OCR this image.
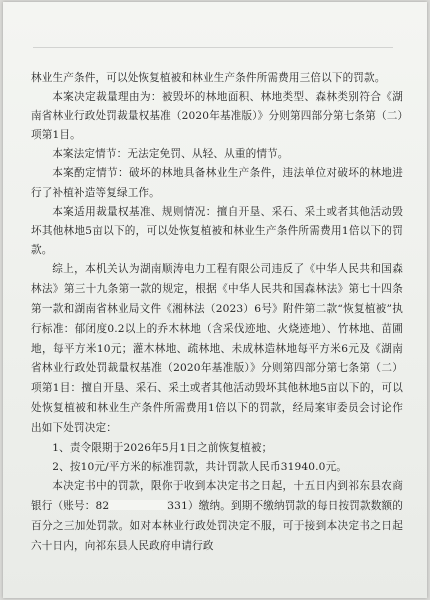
林业生产条件，可以处恢复植被和林业生产条件所需费用三倍以下的罚款。

本案决定裁量理由为：被毁坏的林地面积、林地类型、森林类别符合《湖南省林业行政处罚裁量权基准（2020年基准版）》分则第四部分第七条第（二）项第1目。

本案法定情节：无法定免罚、从轻、从重的情节。

本案酌定情节：破坏的林地具备林业生产条件，违法单位对破坏的林地进行了补植补造等复绿工作。

本案适用裁量权基准、规则情况：擅自开垦、采石、采土或者其他活动毁坏其他林地5亩以下的，可以处恢复植被和林业生产条件所需费用1倍以下的罚款。

综上，本机关认为湖南顺涛电力工程有限公司违反了《中华人民共和国森林法》第三十九条第一款的规定，根据《中华人民共和国森林法》第七十四条第一款和湖南省林业局文件《湘林法（2023）6号》附件第二款“恢复植被”执行标准：郁闭度0.2以上的乔木林地（含采伐迹地、火烧迹地）、竹林地、苗圃地，每平方米10元；灌木林地、疏林地、未成林造林地每平方米6元及《湖南省林业行政处罚裁量权基准（2020年基准版）》分则第四部分第七条第（二）项第1目：擅自开垦、采石、采土或者其他活动毁坏其他林地5亩以下的，可以处恢复植被和林业生产条件所需费用1倍以下的罚款，经局案审委员会讨论作出如下处罚决定：

1、责令限期于2026年5月1日之前恢复植被；

2、按10元/平方米的标准罚款，共计罚款人民币31940.0元。

本决定书中的罚款，限你于收到本决定书之日起，十五日内到祁东县农商银行（账号：82	331）缴纳。到期不缴纳罚款的每日按罚款数额的百分之三加处罚款。如对本林业行政处罚决定不服，可于接到本决定书之日起六十日内，向祁东县人民政府申请行政
